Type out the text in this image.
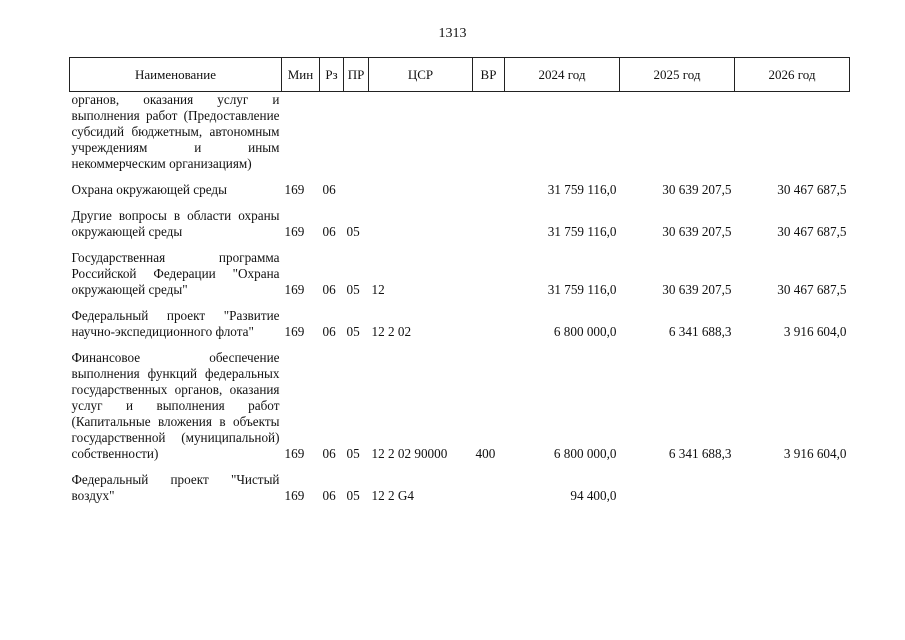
1313
Наименование	Мин	Рз	ПР	ЦСР	ВР	2024 год	2025 год	2026 год
органов, оказания услуг и выполнения работ (Предоставление субсидий бюджетным, автономным учреждениям и иным некоммерческим организациям)								

Охрана окружающей среды	169	06				31 759 116,0	30 639 207,5	30 467 687,5

Другие вопросы в области охраны окружающей среды	169	06	05			31 759 116,0	30 639 207,5	30 467 687,5

Государственная программа Российской Федерации "Охрана окружающей среды"	169	06	05	12		31 759 116,0	30 639 207,5	30 467 687,5

Федеральный проект "Развитие научно-экспедиционного флота"	169	06	05	12 2 02		6 800 000,0	6 341 688,3	3 916 604,0

Финансовое обеспечение выполнения функций федеральных государственных органов, оказания услуг и выполнения работ (Капитальные вложения в объекты государственной (муниципальной) собственности)	169	06	05	12 2 02 90000	400	6 800 000,0	6 341 688,3	3 916 604,0

Федеральный проект "Чистый воздух"	169	06	05	12 2 G4		94 400,0		
